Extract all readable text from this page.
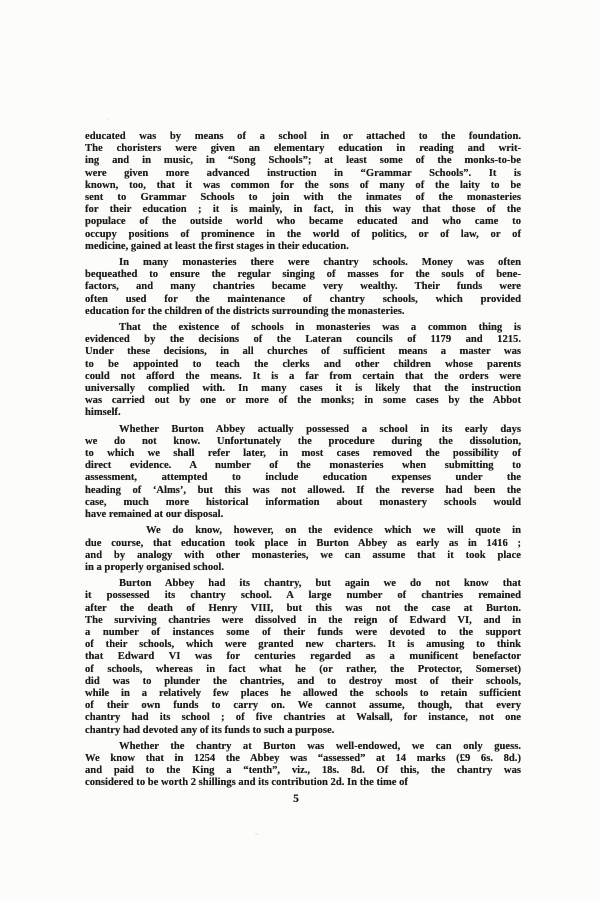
educated was by means of a school in or attached to the foundation.
The choristers were given an elementary education in reading and writ-
ing and in music, in “Song Schools”; at least some of the monks-to-be
were given more advanced instruction in “Grammar Schools”. It is
known, too, that it was common for the sons of many of the laity to be
sent to Grammar Schools to join with the inmates of the monasteries
for their education ; it is mainly, in fact, in this way that those of the
populace of the outside world who became educated and who came to
occupy positions of prominence in the world of politics, or of law, or of
medicine, gained at least the first stages in their education.
In many monasteries there were chantry schools. Money was often
bequeathed to ensure the regular singing of masses for the souls of bene-
factors, and many chantries became very wealthy. Their funds were
often used for the maintenance of chantry schools, which provided
education for the children of the districts surrounding the monasteries.
That the existence of schools in monasteries was a common thing is
evidenced by the decisions of the Lateran councils of 1179 and 1215.
Under these decisions, in all churches of sufficient means a master was
to be appointed to teach the clerks and other children whose parents
could not afford the means. It is a far from certain that the orders were
universally complied with. In many cases it is likely that the instruction
was carried out by one or more of the monks; in some cases by the Abbot
himself.
Whether Burton Abbey actually possessed a school in its early days
we do not know. Unfortunately the procedure during the dissolution,
to which we shall refer later, in most cases removed the possibility of
direct evidence. A number of the monasteries when submitting to
assessment, attempted to include education expenses under the
heading of ‘Alms’, but this was not allowed. If the reverse had been the
case, much more historical information about monastery schools would
have remained at our disposal.
We do know, however, on the evidence which we will quote in
due course, that education took place in Burton Abbey as early as in 1416 ;
and by analogy with other monasteries, we can assume that it took place
in a properly organised school.
Burton Abbey had its chantry, but again we do not know that
it possessed its chantry school. A large number of chantries remained
after the death of Henry VIII, but this was not the case at Burton.
The surviving chantries were dissolved in the reign of Edward VI, and in
a number of instances some of their funds were devoted to the support
of their schools, which were granted new charters. It is amusing to think
that Edward VI was for centuries regarded as a munificent benefactor
of schools, whereas in fact what he (or rather, the Protector, Somerset)
did was to plunder the chantries, and to destroy most of their schools,
while in a relatively few places he allowed the schools to retain sufficient
of their own funds to carry on. We cannot assume, though, that every
chantry had its school ; of five chantries at Walsall, for instance, not one
chantry had devoted any of its funds to such a purpose.
Whether the chantry at Burton was well-endowed, we can only guess.
We know that in 1254 the Abbey was “assessed” at 14 marks (£9 6s. 8d.)
and paid to the King a “tenth”, viz., 18s. 8d. Of this, the chantry was
considered to be worth 2 shillings and its contribution 2d. In the time of
5
